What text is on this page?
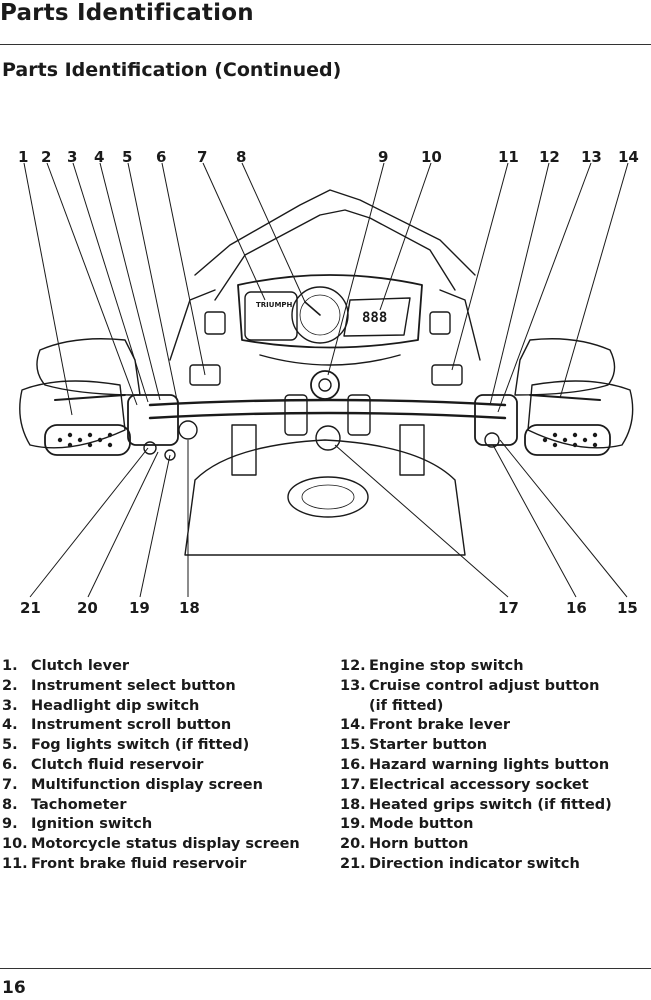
Parts Identification
Parts Identification (Continued)
TRIUMPH
888
1 2 3 4 5 6 7 8	9 10	11 12 13 14
21 20 19 18	17	16 15
1. Clutch lever
2. Instrument select button
3. Headlight dip switch
4. Instrument scroll button
5. Fog lights switch (if fitted)
6. Clutch fluid reservoir
7. Multifunction display screen
8. Tachometer
9. Ignition switch
10. Motorcycle status display screen
11. Front brake fluid reservoir
12. Engine stop switch
13. Cruise control adjust button
(if fitted)
14. Front brake lever
15. Starter button
16. Hazard warning lights button
17. Electrical accessory socket
18. Heated grips switch (if fitted)
19. Mode button
20. Horn button
21. Direction indicator switch
16
